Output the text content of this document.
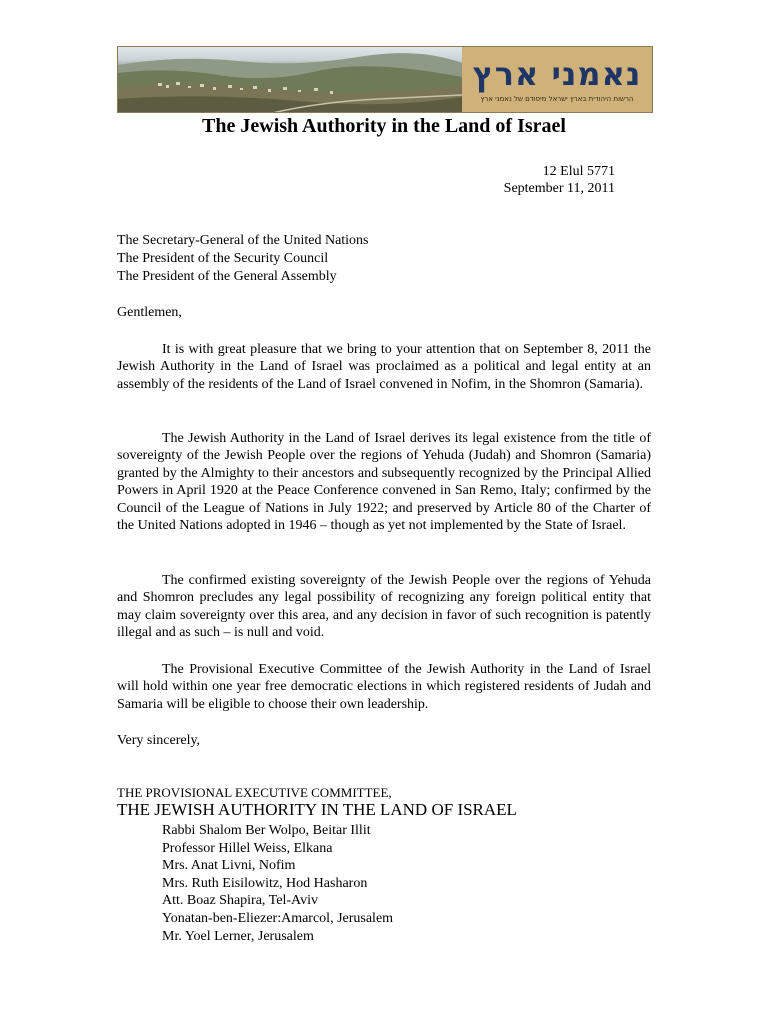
נאמני ארץ
הרשות היהודית בארץ ישראל מיסודם של נאמני ארץ
The Jewish Authority in the Land of Israel
12 Elul 5771
September 11, 2011
The Secretary-General of the United Nations
The President of the Security Council
The President of the General Assembly
Gentlemen,

It is with great pleasure that we bring to your attention that on September 8, 2011 the Jewish Authority in the Land of Israel was proclaimed as a political and legal entity at an assembly of the residents of the Land of Israel convened in Nofim, in the Shomron (Samaria).

The Jewish Authority in the Land of Israel derives its legal existence from the title of sovereignty of the Jewish People over the regions of Yehuda (Judah) and Shomron (Samaria) granted by the Almighty to their ancestors and subsequently recognized by the Principal Allied Powers in April 1920 at the Peace Conference convened in San Remo, Italy; confirmed by the Council of the League of Nations in July 1922; and preserved by Article 80 of the Charter of the United Nations adopted in 1946 – though as yet not implemented by the State of Israel.

The confirmed existing sovereignty of the Jewish People over the regions of Yehuda and Shomron precludes any legal possibility of recognizing any foreign political entity that may claim sovereignty over this area, and any decision in favor of such recognition is patently illegal and as such – is null and void.

The Provisional Executive Committee of the Jewish Authority in the Land of Israel will hold within one year free democratic elections in which registered residents of Judah and Samaria will be eligible to choose their own leadership.

Very sincerely,
THE PROVISIONAL EXECUTIVE COMMITTEE,
THE JEWISH AUTHORITY IN THE LAND OF ISRAEL
Rabbi Shalom Ber Wolpo, Beitar Illit
Professor Hillel Weiss, Elkana
Mrs. Anat Livni, Nofim
Mrs. Ruth Eisilowitz, Hod Hasharon
Att. Boaz Shapira, Tel-Aviv
Yonatan-ben-Eliezer:Amarcol, Jerusalem
Mr. Yoel Lerner, Jerusalem
